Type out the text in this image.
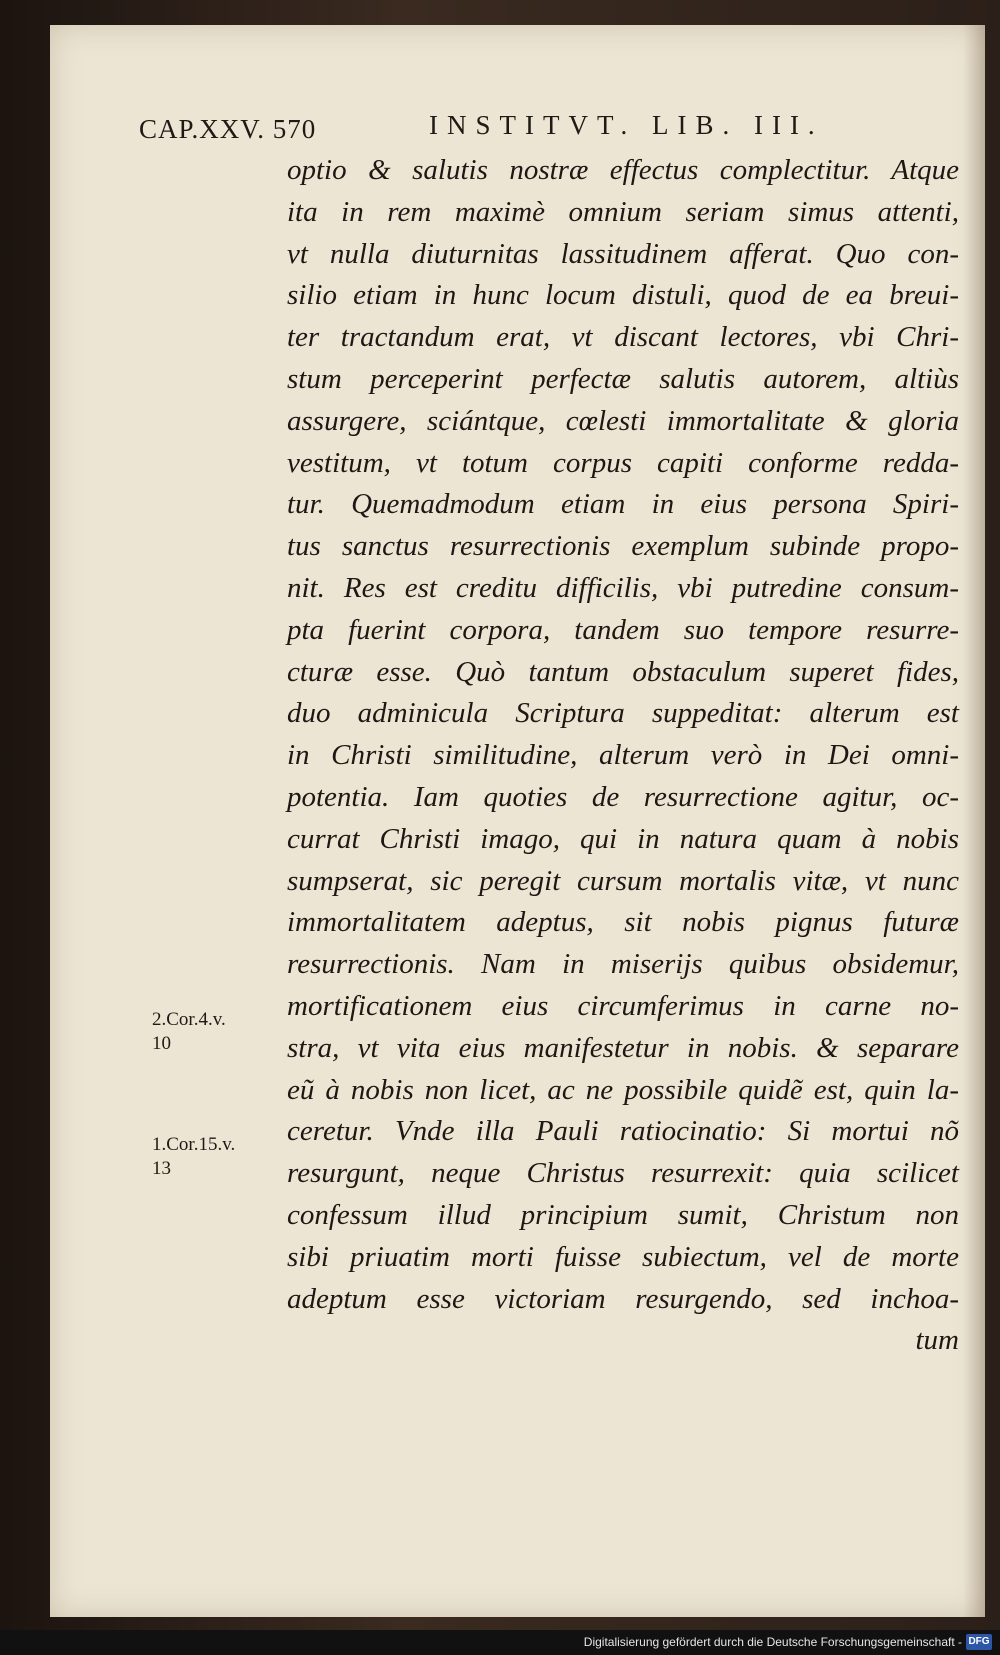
CAP.XXV. 570	INSTITVT. LIB. III.
optio & salutis nostræ effectus complectitur. Atque
ita in rem maximè omnium seriam simus attenti,
vt nulla diuturnitas lassitudinem afferat. Quo con-
silio etiam in hunc locum distuli, quod de ea breui-
ter tractandum erat, vt discant lectores, vbi Chri-
stum perceperint perfectæ salutis autorem, altiùs
assurgere, sciántque, cœlesti immortalitate & gloria
vestitum, vt totum corpus capiti conforme redda-
tur. Quemadmodum etiam in eius persona Spiri-
tus sanctus resurrectionis exemplum subinde propo-
nit. Res est creditu difficilis, vbi putredine consum-
pta fuerint corpora, tandem suo tempore resurre-
cturæ esse. Quò tantum obstaculum superet fides,
duo adminicula Scriptura suppeditat: alterum est
in Christi similitudine, alterum verò in Dei omni-
potentia. Iam quoties de resurrectione agitur, oc-
currat Christi imago, qui in natura quam à nobis
sumpserat, sic peregit cursum mortalis vitæ, vt nunc
immortalitatem adeptus, sit nobis pignus futuræ
resurrectionis. Nam in miserijs quibus obsidemur,
mortificationem eius circumferimus in carne no-
stra, vt vita eius manifestetur in nobis. & separare
eũ à nobis non licet, ac ne possibile quidẽ est, quin la-
ceretur. Vnde illa Pauli ratiocinatio: Si mortui nõ
resurgunt, neque Christus resurrexit: quia scilicet
confessum illud principium sumit, Christum non
sibi priuatim morti fuisse subiectum, vel de morte
adeptum esse victoriam resurgendo, sed inchoa-
tum
2.Cor.4.v.
10
1.Cor.15.v.
13
Digitalisierung gefördert durch die Deutsche Forschungsgemeinschaft - DFG
